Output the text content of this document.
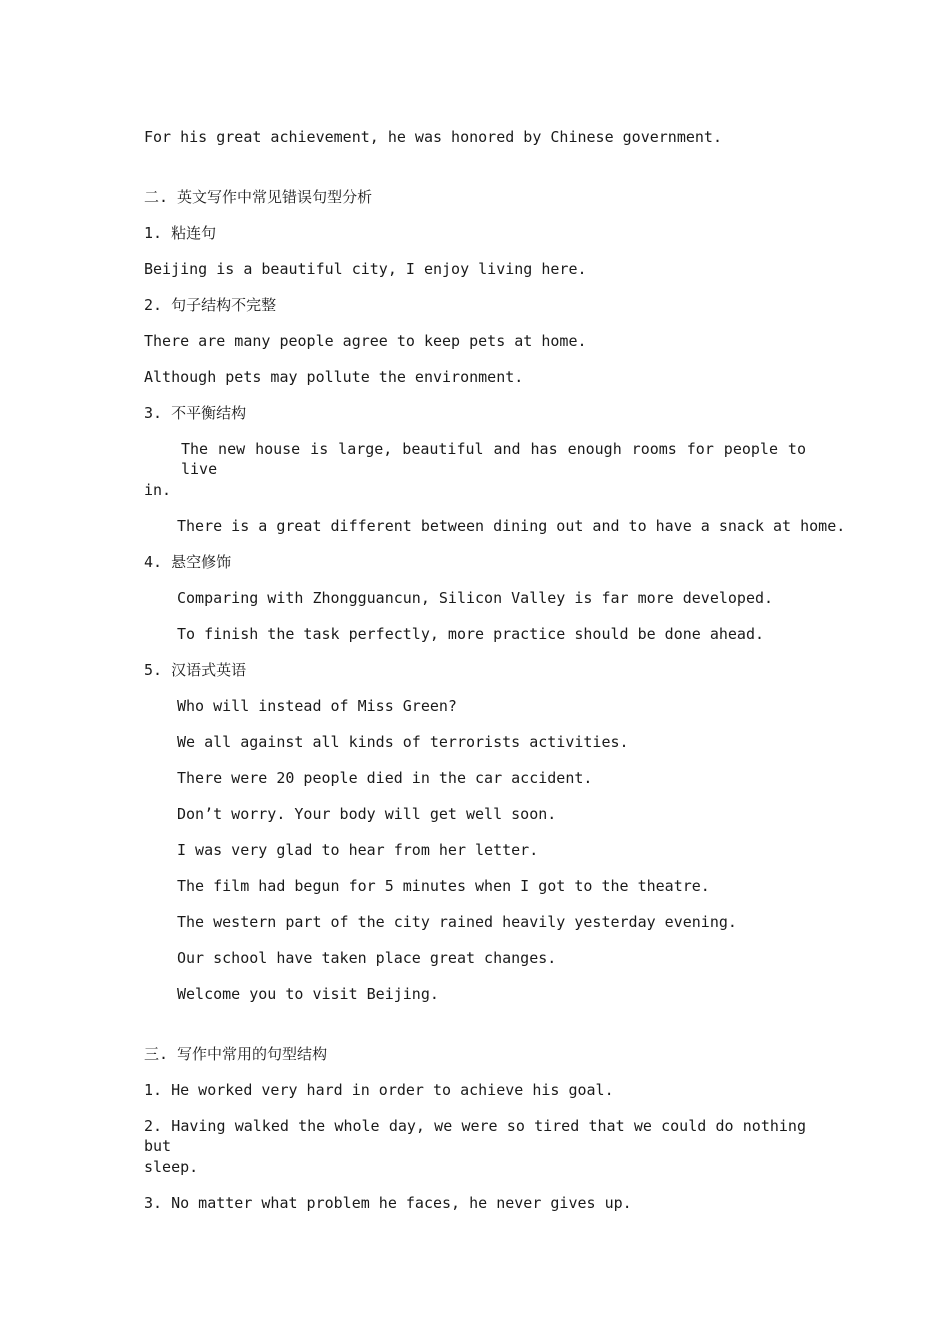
For his great achievement, he was honored by Chinese government.
二. 英文写作中常见错误句型分析
1. 粘连句
Beijing is a beautiful city, I enjoy living here.
2. 句子结构不完整
There are many people agree to keep pets at home.
Although pets may pollute the environment.
3. 不平衡结构
The new house is large, beautiful and has enough rooms for people to live
in.
There is a great different between dining out and to have a snack at home.
4. 悬空修饰
Comparing with Zhongguancun, Silicon Valley is far more developed.
To finish the task perfectly, more practice should be done ahead.
5. 汉语式英语
Who will instead of Miss Green?
We all against all kinds of terrorists activities.
There were 20 people died in the car accident.
Don’t worry. Your body will get well soon.
I was very glad to hear from her letter.
The film had begun for 5 minutes when I got to the theatre.
The western part of the city rained heavily yesterday evening.
Our school have taken place great changes.
Welcome you to visit Beijing.
三. 写作中常用的句型结构
1. He worked very hard in order to achieve his goal.
2. Having walked the whole day, we were so tired that we could do nothing but
sleep.
3. No matter what problem he faces, he never gives up.
